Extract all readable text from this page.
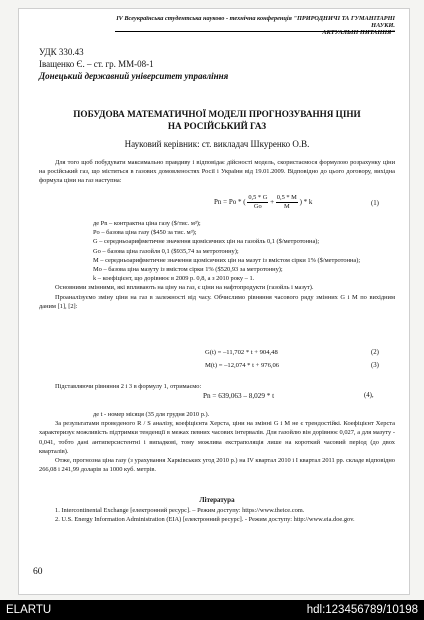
IV Всеукраїнська студентська науково - технічна конференція "ПРИРОДНИЧІ ТА ГУМАНІТАРНІ НАУКИ.
АКТУАЛЬНІ ПИТАННЯ"
УДК 330.43
Іващенко Є. – ст. гр. ММ-08-1
Донецький державний університет управління
ПОБУДОВА МАТЕМАТИЧНОЇ МОДЕЛІ ПРОГНОЗУВАННЯ ЦІНИ
НА РОСІЙСЬКИЙ ГАЗ
Науковий керівник: ст. викладач Шкуренко О.В.

Для того щоб побудувати максимально правдиву і відповідає дійсності модель, скористаємося формулою розрахунку ціни на російський газ, що міститься в газових домовленостях Росії і України від 19.01.2009. Відповідно до цього договору, вихідна формула ціни на газ наступна:

Pn = Po * ( $\frac{0,5 * G}{Go} + \frac{0,5 * M}{M}$ ) * k	(1)

де Pn – контрактна ціна газу ($/тис. м³);

Po – базова ціна газу ($450 за тис. м³);

G – середньоарифметичне значення щомісячних цін на газойль 0,1 ($/метротонна);

Go – базова ціна газойля 0,1 ($935,74 за метротонну);

M – середньоарифметичне значення щомісячних цін на мазут із вмістом сірки 1% ($/метротонна);

Mo – базова ціна мазуту із вмістом сірки 1% ($520,93 за метротонну);

k – коефіцієнт, що дорівнює в 2009 р. 0,8, а з 2010 року – 1.

Основними змінними, які впливають на ціну на газ, є ціни на нафтопродукти (газойль і мазут).

Проаналізуємо зміну ціни на газ в залежності від часу. Обчислимо рівняння часового ряду змінних G і M по вихідним даним [1], [2]:

G(t) = –11,702 * t + 904,48	(2)
M(t) = –12,074 * t + 976,06	(3)

Підставляючи рівняння 2 і 3 в формулу 1, отримаємо:

Pn = 639,063 – 8,029 * t	(4),

де t - номер місяця (35 для грудня 2010 р.).

За результатами проведеного R / S аналізу, коефіцієнта Херста, ціни на змінні G і M не є трендостійкі. Коефіцієнт Херста характеризує можливість підтримки тенденції в межах певних часових інтервалів. Для газойлю він дорівнює 0,027, а для мазуту - 0,041, тобто дані антиперсистентні і випадкові, тому можлива екстраполяція лише на короткий часовий період (до двох кварталів).

Отже, прогнозна ціна газу (з урахування Харківських угод 2010 р.) на IV квартал 2010 і I квартал 2011 рр. складе відповідно 266,08 і 241,99 доларів за 1000 куб. метрів.

Література

1. Intercontinental Exchange [електронний ресурс]. – Режим доступу: https://www.theice.com.

2. U.S. Energy Information Administration (EIA) [електронний ресурс]. - Режим доступу: http://www.eia.doe.gov.

60
ELARTU	hdl:123456789/10198
